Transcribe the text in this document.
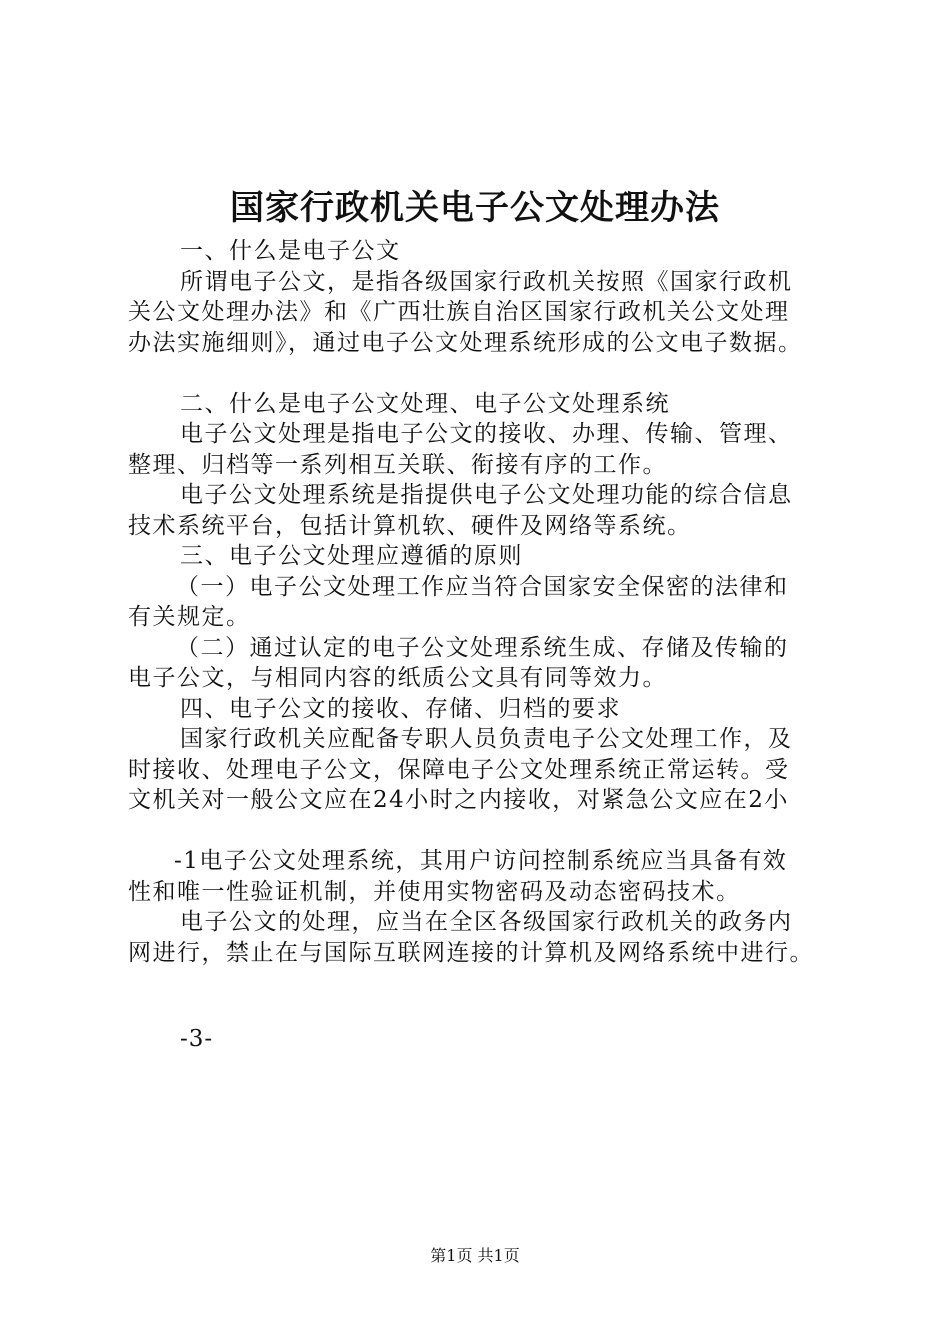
国家行政机关电子公文处理办法
一、什么是电子公文
所谓电子公文，是指各级国家行政机关按照《国家行政机
关公文处理办法》和《广西壮族自治区国家行政机关公文处理
办法实施细则》，通过电子公文处理系统形成的公文电子数据。
二、什么是电子公文处理、电子公文处理系统
电子公文处理是指电子公文的接收、办理、传输、管理、
整理、归档等一系列相互关联、衔接有序的工作。
电子公文处理系统是指提供电子公文处理功能的综合信息
技术系统平台，包括计算机软、硬件及网络等系统。
三、电子公文处理应遵循的原则
（一）电子公文处理工作应当符合国家安全保密的法律和
有关规定。
（二）通过认定的电子公文处理系统生成、存储及传输的
电子公文，与相同内容的纸质公文具有同等效力。
四、电子公文的接收、存储、归档的要求
国家行政机关应配备专职人员负责电子公文处理工作，及
时接收、处理电子公文，保障电子公文处理系统正常运转。受
文机关对一般公文应在24小时之内接收，对紧急公文应在2小
-1电子公文处理系统，其用户访问控制系统应当具备有效
性和唯一性验证机制，并使用实物密码及动态密码技术。
电子公文的处理，应当在全区各级国家行政机关的政务内
网进行，禁止在与国际互联网连接的计算机及网络系统中进行。
-3-
第1页 共1页
